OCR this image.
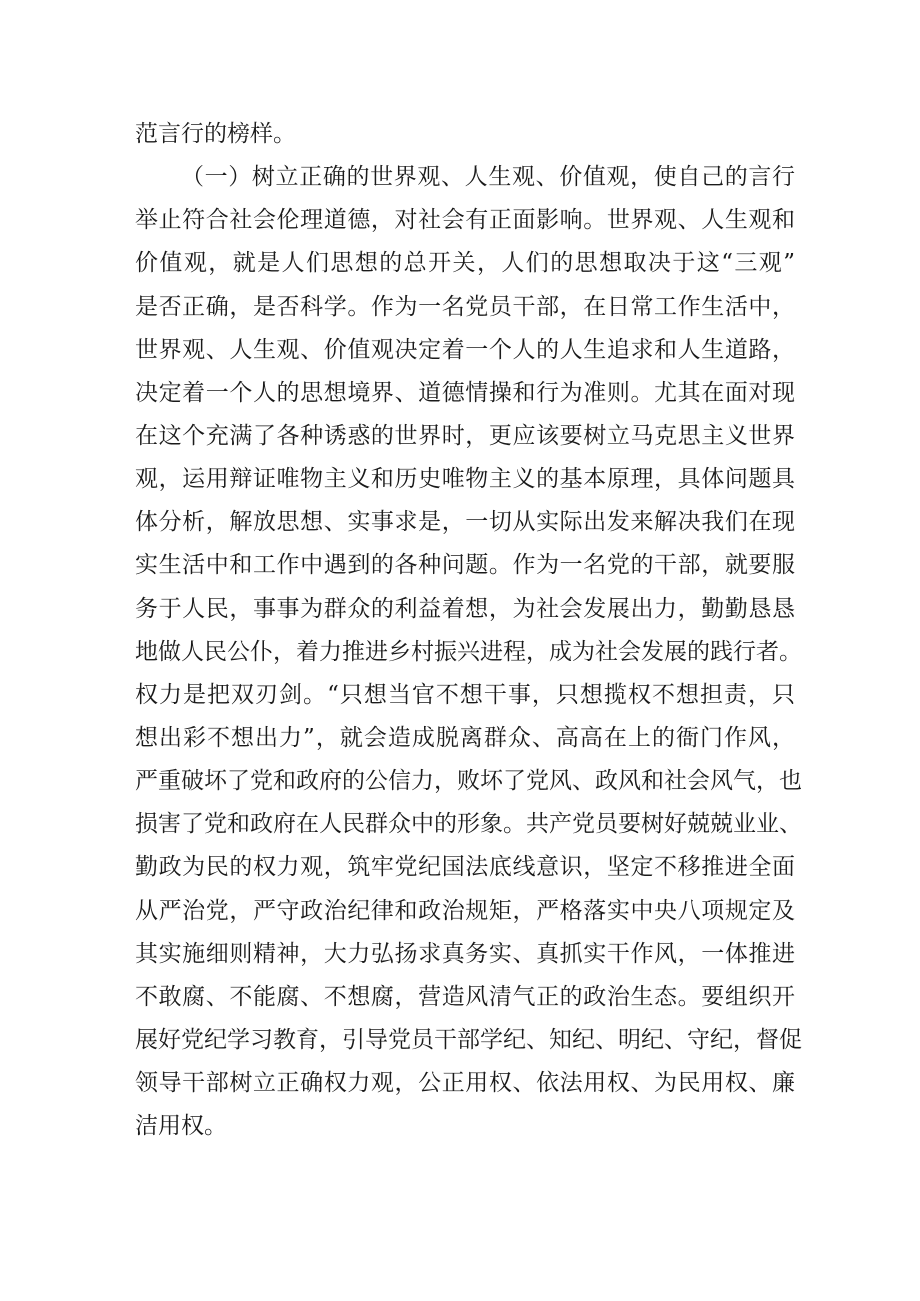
范言行的榜样。
（一）树立正确的世界观、人生观、价值观，使自己的言行
举止符合社会伦理道德，对社会有正面影响。世界观、人生观和
价值观，就是人们思想的总开关，人们的思想取决于这“三观”
是否正确，是否科学。作为一名党员干部，在日常工作生活中，
世界观、人生观、价值观决定着一个人的人生追求和人生道路，
决定着一个人的思想境界、道德情操和行为准则。尤其在面对现
在这个充满了各种诱惑的世界时，更应该要树立马克思主义世界
观，运用辩证唯物主义和历史唯物主义的基本原理，具体问题具
体分析，解放思想、实事求是，一切从实际出发来解决我们在现
实生活中和工作中遇到的各种问题。作为一名党的干部，就要服
务于人民，事事为群众的利益着想，为社会发展出力，勤勤恳恳
地做人民公仆，着力推进乡村振兴进程，成为社会发展的践行者。
权力是把双刃剑。“只想当官不想干事，只想揽权不想担责，只
想出彩不想出力”，就会造成脱离群众、高高在上的衙门作风，
严重破坏了党和政府的公信力，败坏了党风、政风和社会风气，也
损害了党和政府在人民群众中的形象。共产党员要树好兢兢业业、
勤政为民的权力观，筑牢党纪国法底线意识，坚定不移推进全面
从严治党，严守政治纪律和政治规矩，严格落实中央八项规定及
其实施细则精神，大力弘扬求真务实、真抓实干作风，一体推进
不敢腐、不能腐、不想腐，营造风清气正的政治生态。要组织开
展好党纪学习教育，引导党员干部学纪、知纪、明纪、守纪，督促
领导干部树立正确权力观，公正用权、依法用权、为民用权、廉
洁用权。
